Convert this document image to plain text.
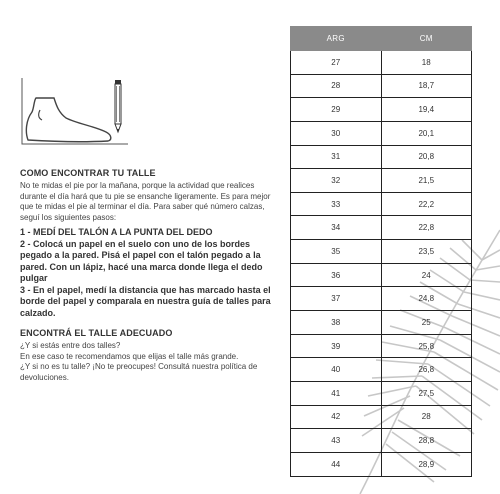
COMO ENCONTRAR TU TALLE

No te midas el pie por la mañana, porque la actividad que realices durante el día hará que tu pie se ensanche ligeramente. Es para mejor que te midas el pie al terminar el día. Para saber qué número calzas, seguí los siguientes pasos:

1 - MEDÍ DEL TALÓN A LA PUNTA DEL DEDO

2 - Colocá un papel en el suelo con uno de los bordes pegado a la pared. Pisá el papel con el talón pegado a la pared. Con un lápiz, hacé una marca donde llega el dedo pulgar

3 - En el papel, medí la distancia que has marcado hasta el borde del papel y comparala en nuestra guía de talles para calzado.

ENCONTRÁ EL TALLE ADECUADO

¿Y si estás entre dos talles?

En ese caso te recomendamos que elijas el talle más grande.

¿Y si no es tu talle? ¡No te preocupes! Consultá nuestra política de devoluciones.

ARG	CM
27	18
28	18,7
29	19,4
30	20,1
31	20,8
32	21,5
33	22,2
34	22,8
35	23,5
36	24
37	24,8
38	25
39	25,8
40	26,8
41	27,5
42	28
43	28,8
44	28,9
